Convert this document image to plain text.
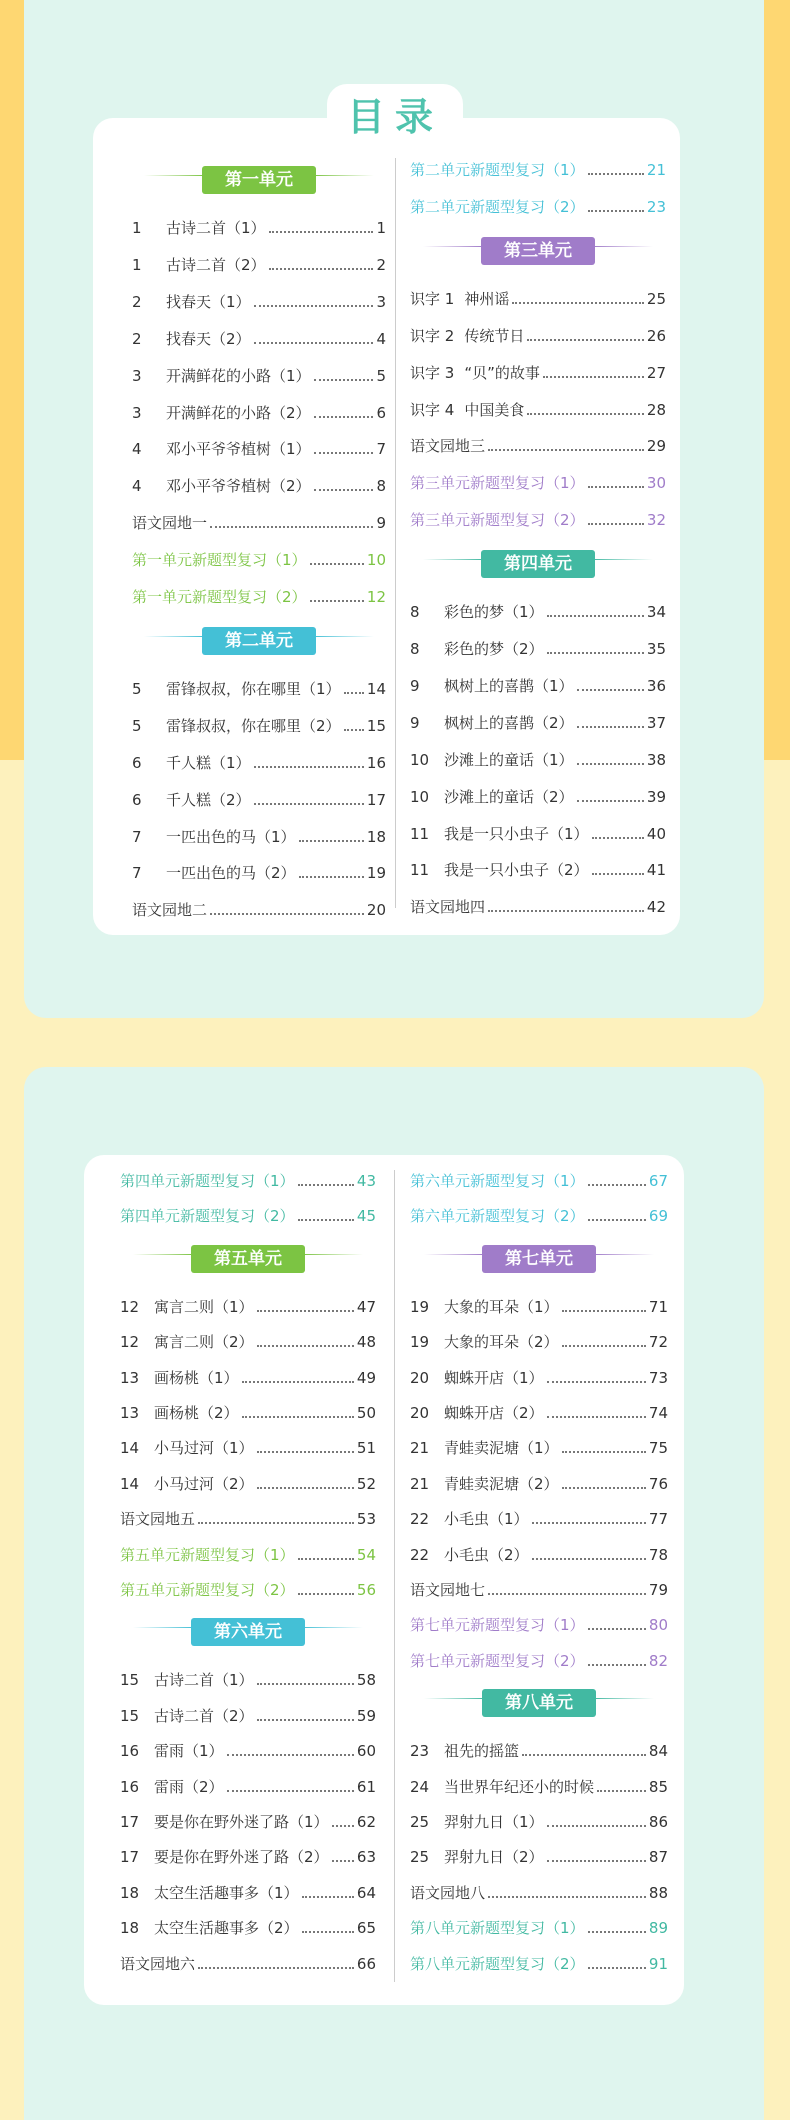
目录
第一单元
1	古诗二首（1）	1
1	古诗二首（2）	2
2	找春天（1）	3
2	找春天（2）	4
3	开满鲜花的小路（1）	5
3	开满鲜花的小路（2）	6
4	邓小平爷爷植树（1）	7
4	邓小平爷爷植树（2）	8
语文园地一	9
第一单元新题型复习（1）	10
第一单元新题型复习（2）	12
第二单元
5	雷锋叔叔，你在哪里（1） 14
5	雷锋叔叔，你在哪里（2） 15
6	千人糕（1）	16
6	千人糕（2）	17
7	一匹出色的马（1）	18
7	一匹出色的马（2）	19
语文园地二	20
第二单元新题型复习（1）	21
第二单元新题型复习（2）	23
第三单元
识字 1 神州谣	25
识字 2 传统节日	26
识字 3 “贝”的故事	27
识字 4 中国美食	28
语文园地三	29
第三单元新题型复习（1）	30
第三单元新题型复习（2）	32
第四单元
8	彩色的梦（1）	34
8	彩色的梦（2）	35
9	枫树上的喜鹊（1）	36
9	枫树上的喜鹊（2）	37
10 沙滩上的童话（1）	38
10 沙滩上的童话（2）	39
11 我是一只小虫子（1）	40
11 我是一只小虫子（2）	41
语文园地四	42
第四单元新题型复习（1）	43
第四单元新题型复习（2）	45
第五单元
12 寓言二则（1）	47
12 寓言二则（2）	48
13 画杨桃（1）	49
13 画杨桃（2）	50
14 小马过河（1）	51
14 小马过河（2）	52
语文园地五	53
第五单元新题型复习（1）	54
第五单元新题型复习（2）	56
第六单元
15 古诗二首（1）	58
15 古诗二首（2）	59
16 雷雨（1）	60
16 雷雨（2）	61
17 要是你在野外迷了路（1） 62
17 要是你在野外迷了路（2） 63
18 太空生活趣事多（1）	64
18 太空生活趣事多（2）	65
语文园地六	66
第六单元新题型复习（1）	67
第六单元新题型复习（2）	69
第七单元
19 大象的耳朵（1）	71
19 大象的耳朵（2）	72
20 蜘蛛开店（1）	73
20 蜘蛛开店（2）	74
21 青蛙卖泥塘（1）	75
21 青蛙卖泥塘（2）	76
22 小毛虫（1）	77
22 小毛虫（2）	78
语文园地七	79
第七单元新题型复习（1）	80
第七单元新题型复习（2）	82
第八单元
23 祖先的摇篮	84
24 当世界年纪还小的时候	85
25 羿射九日（1）	86
25 羿射九日（2）	87
语文园地八	88
第八单元新题型复习（1）	89
第八单元新题型复习（2）	91
